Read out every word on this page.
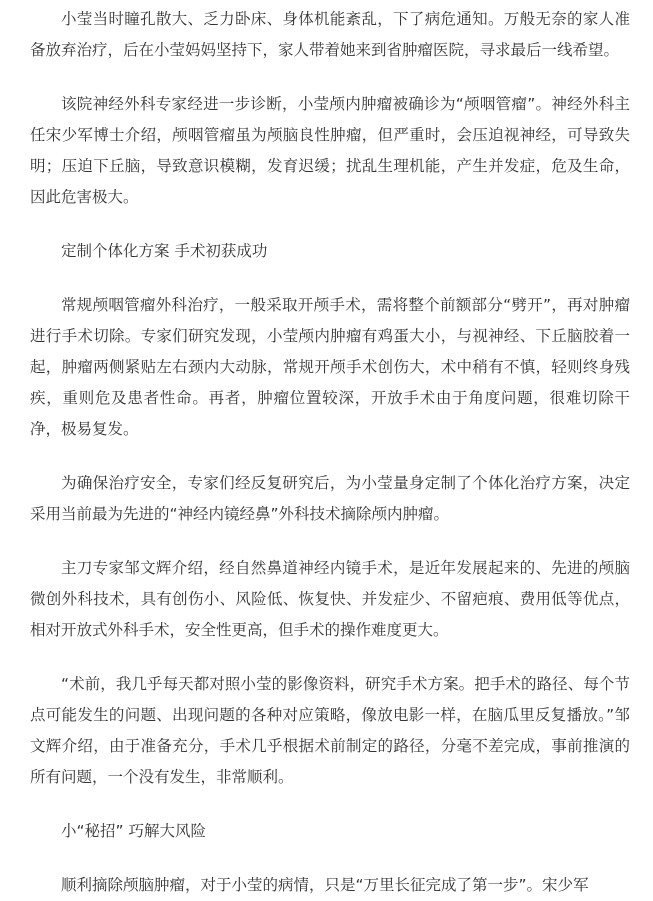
小莹当时瞳孔散大、乏力卧床、身体机能紊乱，下了病危通知。万般无奈的家人准备放弃治疗，后在小莹妈妈坚持下，家人带着她来到省肿瘤医院，寻求最后一线希望。

该院神经外科专家经进一步诊断，小莹颅内肿瘤被确诊为“颅咽管瘤”。神经外科主任宋少军博士介绍，颅咽管瘤虽为颅脑良性肿瘤，但严重时，会压迫视神经，可导致失明；压迫下丘脑，导致意识模糊，发育迟缓；扰乱生理机能，产生并发症，危及生命，因此危害极大。

定制个体化方案 手术初获成功

常规颅咽管瘤外科治疗，一般采取开颅手术，需将整个前额部分“劈开”，再对肿瘤进行手术切除。专家们研究发现，小莹颅内肿瘤有鸡蛋大小，与视神经、下丘脑胶着一起，肿瘤两侧紧贴左右颈内大动脉，常规开颅手术创伤大，术中稍有不慎，轻则终身残疾，重则危及患者性命。再者，肿瘤位置较深，开放手术由于角度问题，很难切除干净，极易复发。

为确保治疗安全，专家们经反复研究后，为小莹量身定制了个体化治疗方案，决定采用当前最为先进的“神经内镜经鼻”外科技术摘除颅内肿瘤。

主刀专家邹文辉介绍，经自然鼻道神经内镜手术，是近年发展起来的、先进的颅脑微创外科技术，具有创伤小、风险低、恢复快、并发症少、不留疤痕、费用低等优点，相对开放式外科手术，安全性更高，但手术的操作难度更大。

“术前，我几乎每天都对照小莹的影像资料，研究手术方案。把手术的路径、每个节点可能发生的问题、出现问题的各种对应策略，像放电影一样，在脑瓜里反复播放。”邹文辉介绍，由于准备充分，手术几乎根据术前制定的路径，分毫不差完成，事前推演的所有问题，一个没有发生，非常顺利。

小“秘招” 巧解大风险

顺利摘除颅脑肿瘤，对于小莹的病情，只是“万里长征完成了第一步”。宋少军
